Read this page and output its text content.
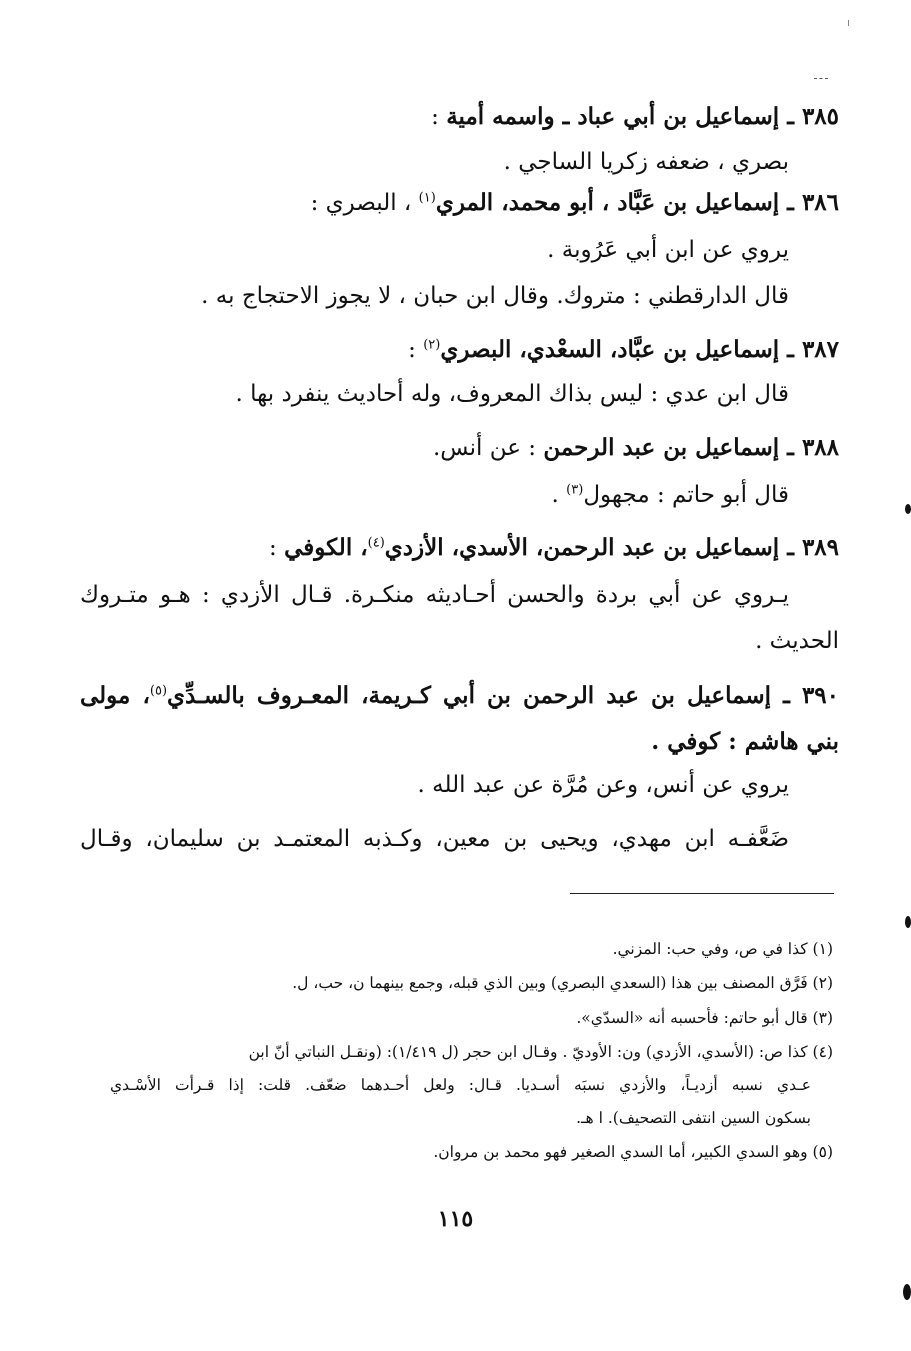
٣٨٥ ـ إسماعيل بن أبي عباد ـ واسمه أمية :
بصري ، ضعفه زكريا الساجي .
٣٨٦ ـ إسماعيل بن عَبَّاد ، أبو محمد، المري$^{(١)}$ ، البصري :
يروي عن ابن أبي عَرُوبة .
قال الدارقطني : متروك. وقال ابن حبان ، لا يجوز الاحتجاج به .
٣٨٧ ـ إسماعيل بن عبَّاد، السعْدي، البصري$^{(٢)}$ :
قال ابن عدي : ليس بذاك المعروف، وله أحاديث ينفرد بها .
٣٨٨ ـ إسماعيل بن عبد الرحمن : عن أنس.
قال أبو حاتم : مجهول$^{(٣)}$ .
٣٨٩ ـ إسماعيل بن عبد الرحمن، الأسدي، الأزدي$^{(٤)}$، الكوفي :
يـروي عن أبي بردة والحسن أحـاديثه منكـرة. قـال الأزدي : هـو متـروك
الحديث .
٣٩٠ ـ إسماعيل بن عبد الرحمن بن أبي كـريمة، المعـروف بالسـدِّي$^{(٥)}$، مولى
بني هاشم : كوفي .
يروي عن أنس، وعن مُرَّة عن عبد الله .
ضَعَّفـه ابن مهدي، ويحيى بن معين، وكـذبه المعتمـد بن سليمان، وقـال
(١) كذا في ص، وفي حب: المزني.
(٢) فَرَّق المصنف بين هذا (السعدي البصري) وبين الذي قبله، وجمع بينهما ن، حب، ل.
(٣) قال أبو حاتم: فأحسبه أنه «السدّي».
(٤) كذا ص: (الأسدي، الأزدي) ون: الأوديّ . وقـال ابن حجر (ل ١/٤١٩): (ونقـل النباتي أنّ ابن
عـدي نسبه أزديـاً، والأزدي نسبَه أسـديا. قـال: ولعل أحـدهما ضعّف. قلت: إذا قـرأت الأسْـدي
بسكون السين انتفى التصحيف). ا هـ.
(٥) وهو السدي الكبير، أما السدي الصغير فهو محمد بن مروان.
١١٥
